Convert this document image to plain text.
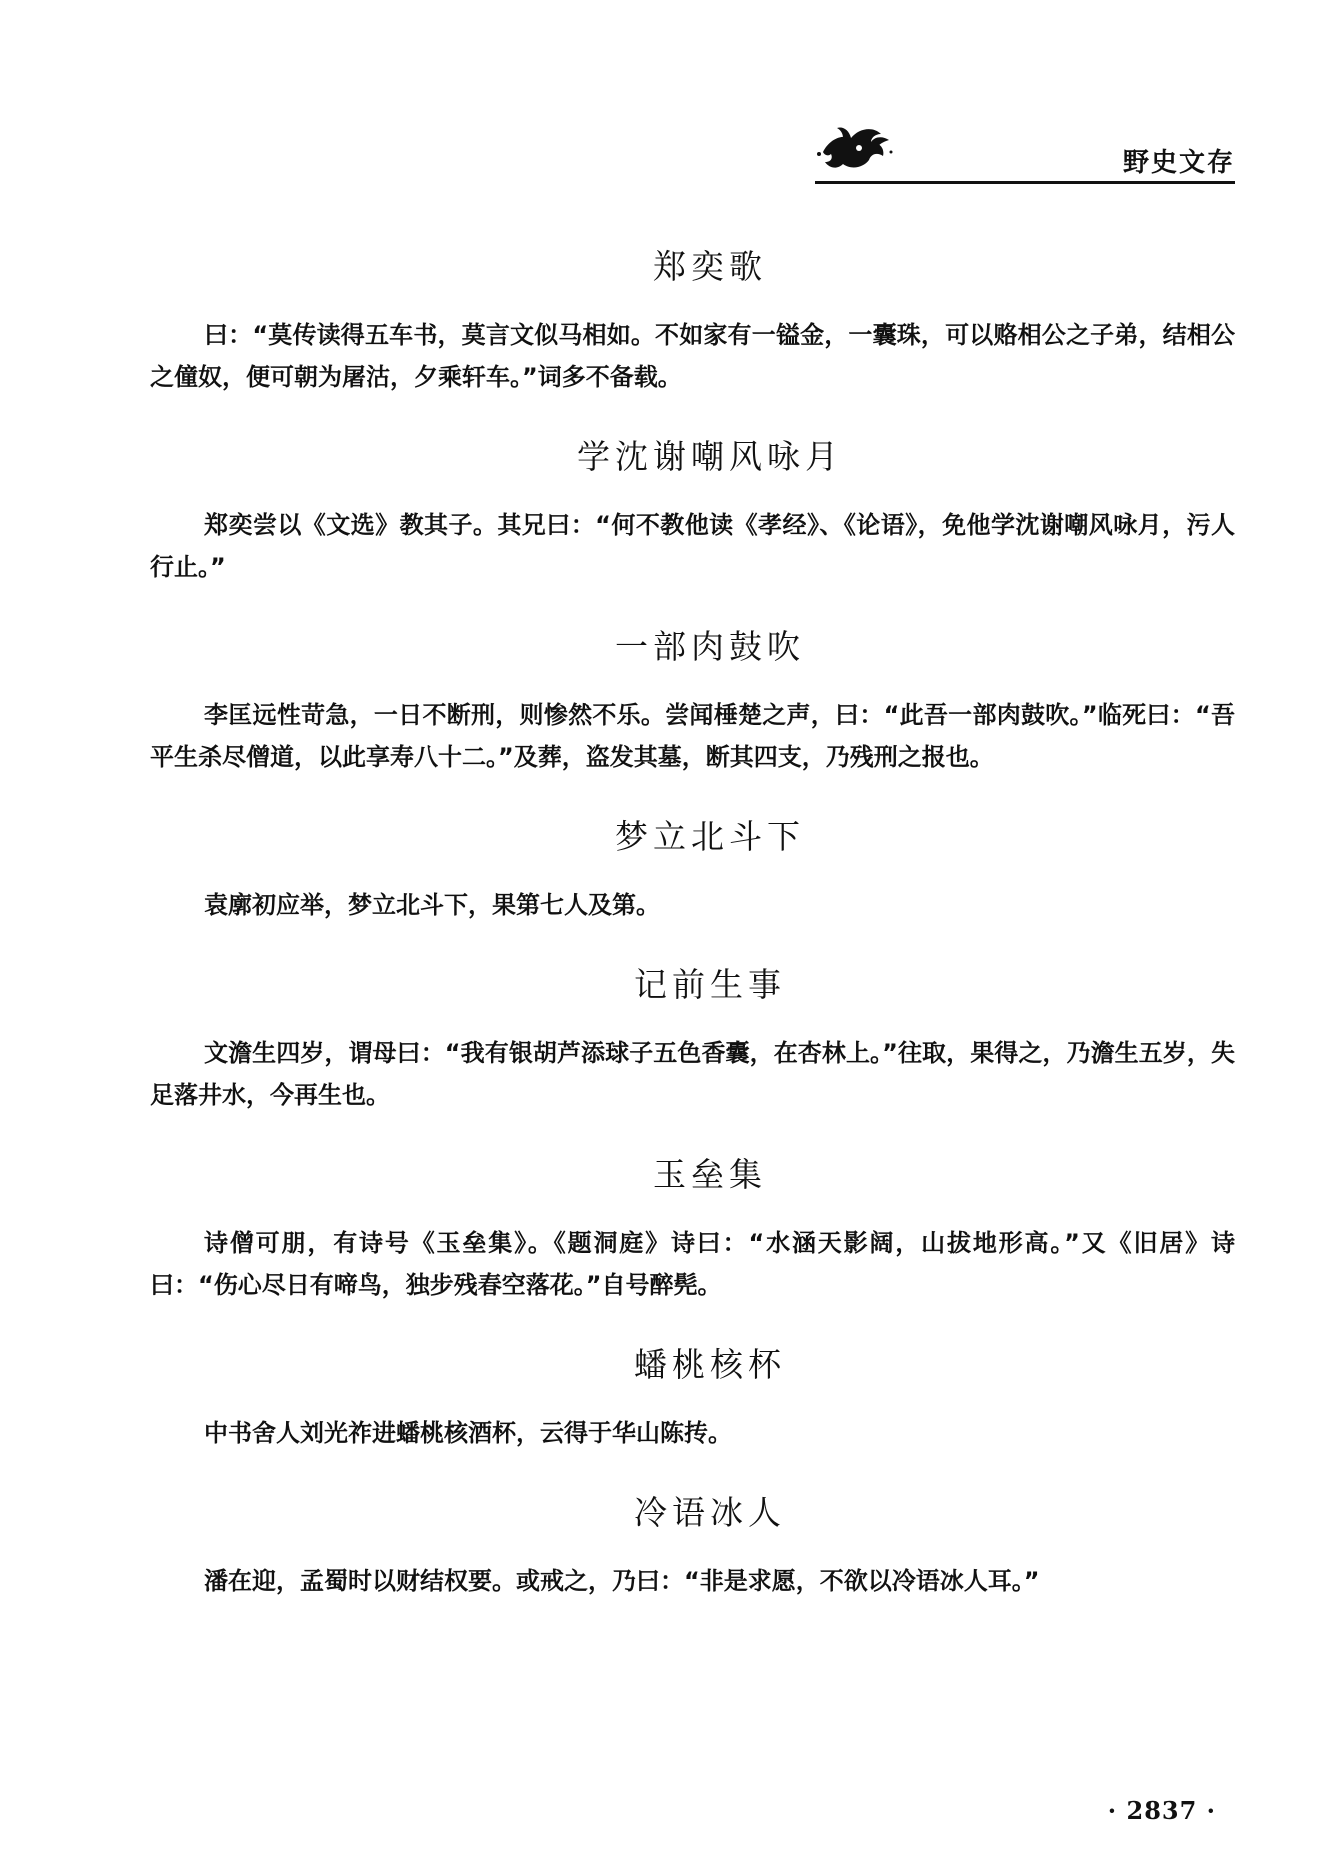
野史文存
郑奕歌

曰：“莫传读得五车书，莫言文似马相如。不如家有一镒金，一囊珠，可以赂相公之子弟，结相公之僮奴，便可朝为屠沽，夕乘轩车。”词多不备载。

学沈谢嘲风咏月

郑奕尝以《文选》教其子。其兄曰：“何不教他读《孝经》、《论语》，免他学沈谢嘲风咏月，污人行止。”

一部肉鼓吹

李匡远性苛急，一日不断刑，则惨然不乐。尝闻棰楚之声，曰：“此吾一部肉鼓吹。”临死曰：“吾平生杀尽僧道，以此享寿八十二。”及葬，盗发其墓，断其四支，乃残刑之报也。

梦立北斗下

袁廓初应举，梦立北斗下，果第七人及第。

记前生事

文澹生四岁，谓母曰：“我有银胡芦添球子五色香囊，在杏林上。”往取，果得之，乃澹生五岁，失足落井水，今再生也。

玉垒集

诗僧可朋，有诗号《玉垒集》。《题洞庭》诗曰：“水涵天影阔，山拔地形高。”又《旧居》诗曰：“伤心尽日有啼鸟，独步残春空落花。”自号醉髡。

蟠桃核杯

中书舍人刘光祚进蟠桃核酒杯，云得于华山陈抟。

冷语冰人

潘在迎，孟蜀时以财结权要。或戒之，乃曰：“非是求愿，不欲以冷语冰人耳。”

· 2837 ·
